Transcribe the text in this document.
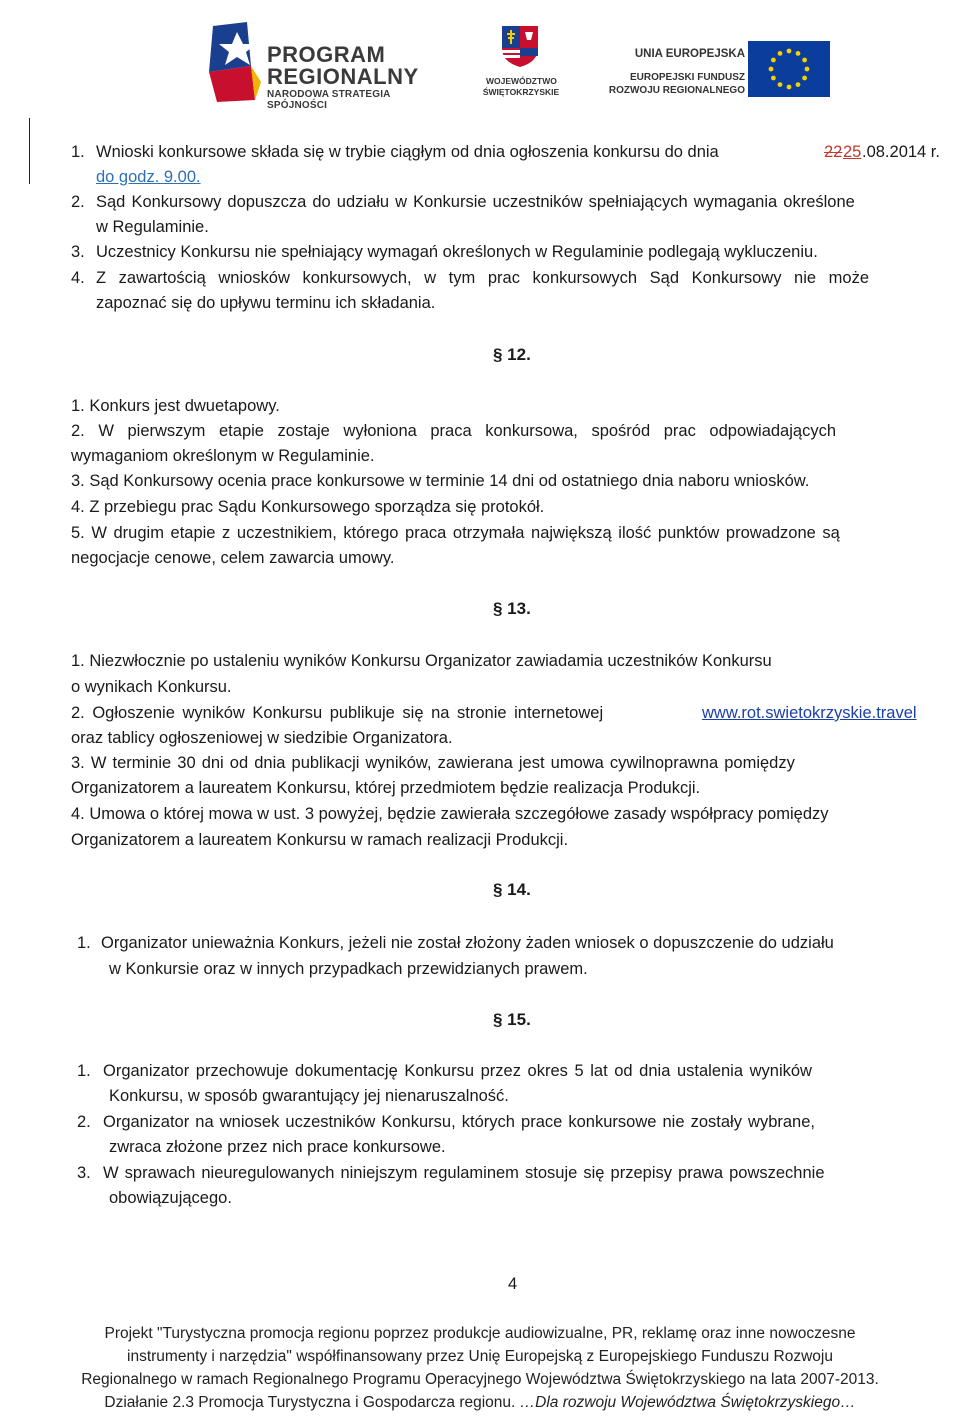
PROGRAM
REGIONALNY
NARODOWA STRATEGIA SPÓJNOŚCI
WOJEWÓDZTWO
ŚWIĘTOKRZYSKIE
UNIA EUROPEJSKA
EUROPEJSKI FUNDUSZ
ROZWOJU REGIONALNEGO
1. Wnioski konkursowe składa się w trybie ciągłym od dnia ogłoszenia konkursu do dnia	22 25 .08.2014 r.
do godz. 9.00.
2. Sąd Konkursowy dopuszcza do udziału w Konkursie uczestników spełniających wymagania określone
w Regulaminie.
3. Uczestnicy Konkursu nie spełniający wymagań określonych w Regulaminie podlegają wykluczeniu.
4. Z zawartością wniosków konkursowych, w tym prac konkursowych Sąd Konkursowy nie może
zapoznać się do upływu terminu ich składania.
§ 12.
1. Konkurs jest dwuetapowy.
2. W pierwszym etapie zostaje wyłoniona praca konkursowa, spośród prac odpowiadających
wymaganiom określonym w Regulaminie.
3. Sąd Konkursowy ocenia prace konkursowe w terminie 14 dni od ostatniego dnia naboru wniosków.
4. Z przebiegu prac Sądu Konkursowego sporządza się protokół.
5. W drugim etapie z uczestnikiem, którego praca otrzymała największą ilość punktów prowadzone są
negocjacje cenowe, celem zawarcia umowy.
§ 13.
1. Niezwłocznie po ustaleniu wyników Konkursu Organizator zawiadamia uczestników Konkursu
o wynikach Konkursu.
2. Ogłoszenie wyników Konkursu publikuje się na stronie internetowej	www.rot.swietokrzyskie.travel
oraz tablicy ogłoszeniowej w siedzibie Organizatora.
3. W terminie 30 dni od dnia publikacji wyników, zawierana jest umowa cywilnoprawna pomiędzy
Organizatorem a laureatem Konkursu, której przedmiotem będzie realizacja Produkcji.
4. Umowa o której mowa w ust. 3 powyżej, będzie zawierała szczegółowe zasady współpracy pomiędzy
Organizatorem a laureatem Konkursu w ramach realizacji Produkcji.
§ 14.
1. Organizator unieważnia Konkurs, jeżeli nie został złożony żaden wniosek o dopuszczenie do udziału
w Konkursie oraz w innych przypadkach przewidzianych prawem.
§ 15.
1. Organizator przechowuje dokumentację Konkursu przez okres 5 lat od dnia ustalenia wyników
Konkursu, w sposób gwarantujący jej nienaruszalność.
2. Organizator na wniosek uczestników Konkursu, których prace konkursowe nie zostały wybrane,
zwraca złożone przez nich prace konkursowe.
3. W sprawach nieuregulowanych niniejszym regulaminem stosuje się przepisy prawa powszechnie
obowiązującego.
4
Projekt "Turystyczna promocja regionu poprzez produkcje audiowizualne, PR, reklamę oraz inne nowoczesne
instrumenty i narzędzia" współfinansowany przez Unię Europejską z Europejskiego Funduszu Rozwoju
Regionalnego w ramach Regionalnego Programu Operacyjnego Województwa Świętokrzyskiego na lata 2007-2013.
Działanie 2.3 Promocja Turystyczna i Gospodarcza regionu. …Dla rozwoju Województwa Świętokrzyskiego…
